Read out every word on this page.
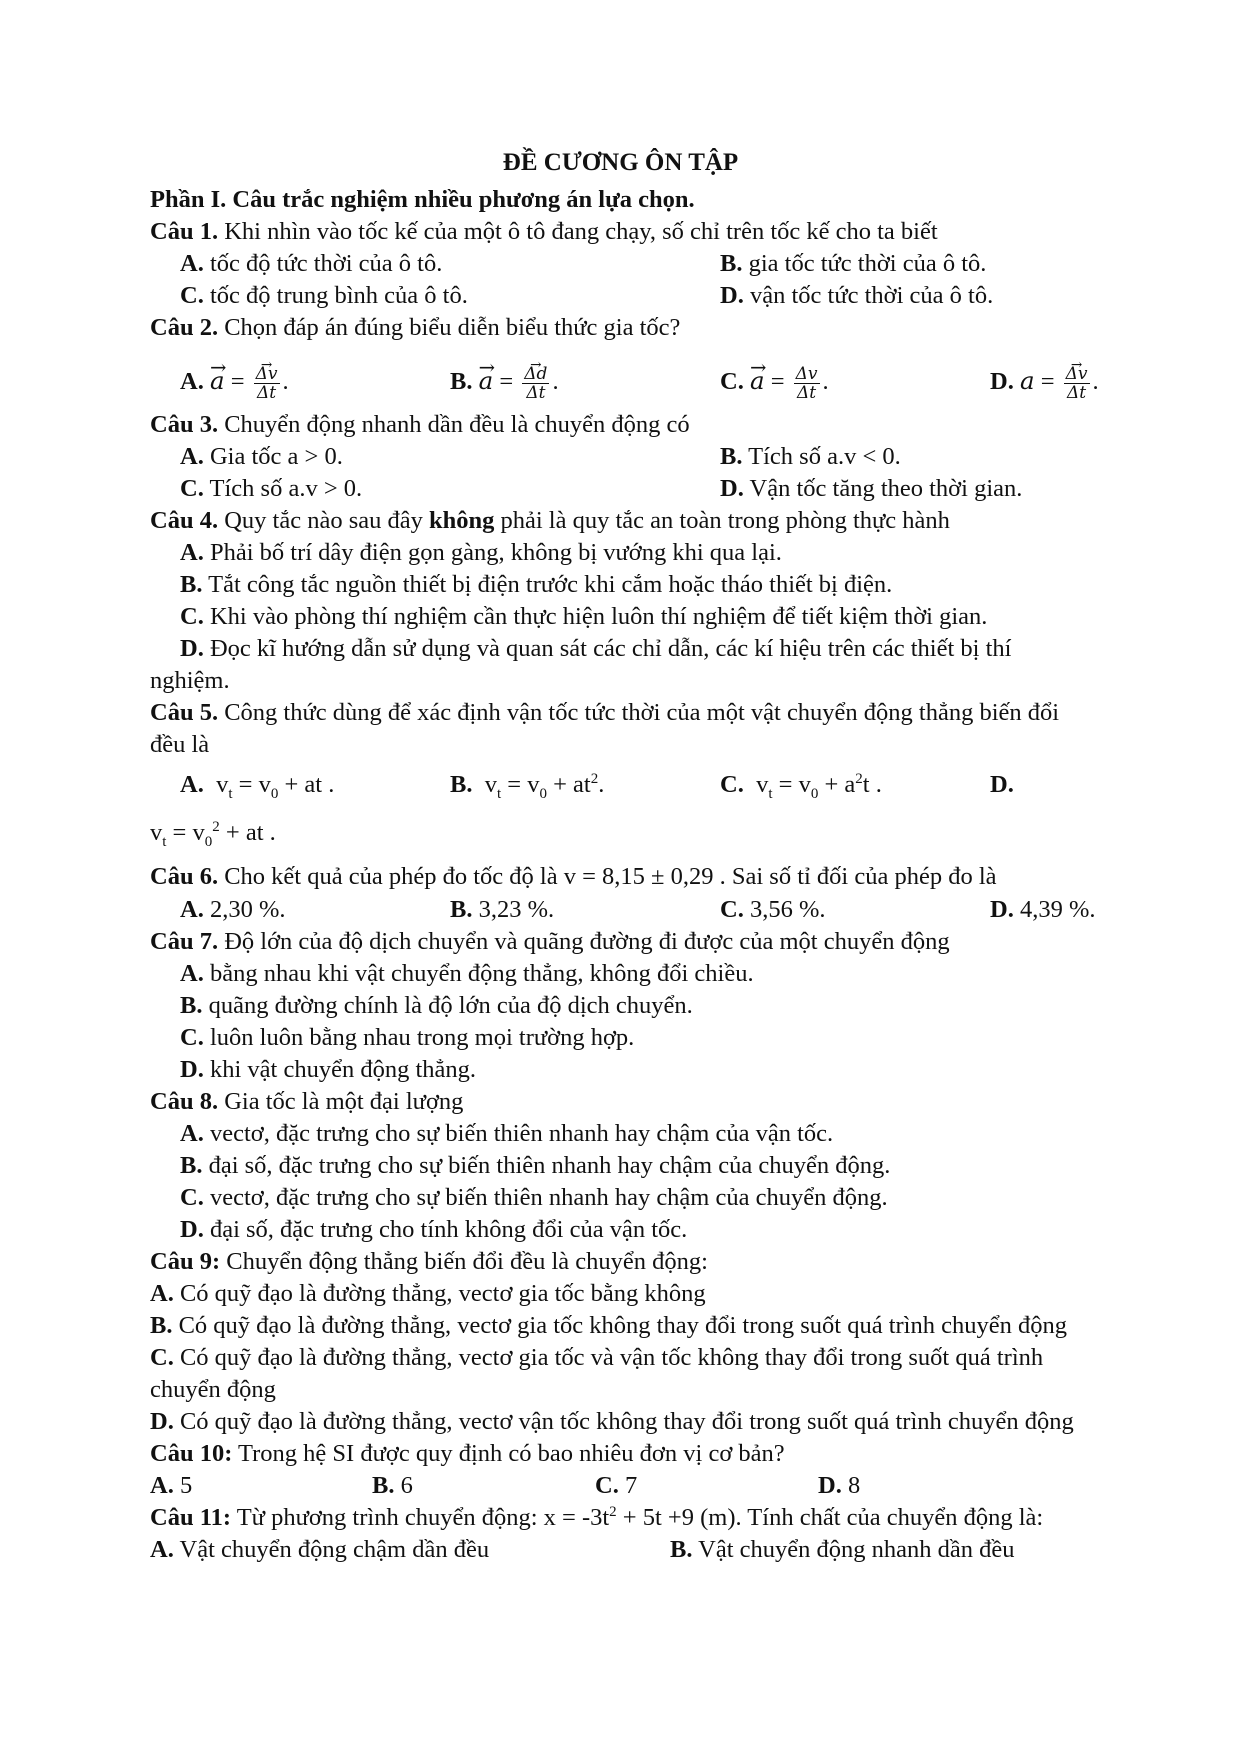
ĐỀ CƯƠNG ÔN TẬP
Phần I. Câu trắc nghiệm nhiều phương án lựa chọn.
Câu 1. Khi nhìn vào tốc kế của một ô tô đang chạy, số chỉ trên tốc kế cho ta biết
A. tốc độ tức thời của ô tô.	B. gia tốc tức thời của ô tô.
C. tốc độ trung bình của ô tô.	D. vận tốc tức thời của ô tô.
Câu 2. Chọn đáp án đúng biểu diễn biểu thức gia tốc?
A. → a = → $\frac{\Delta v}{\Delta t}$ .	B. → a = → $\frac{\Delta d}{\Delta t}$ .	C. → $a = \frac{\Delta v}{\Delta t}$ .	D. a = → $\frac{\Delta v}{\Delta t}$ .
Câu 3. Chuyển động nhanh dần đều là chuyển động có
A. Gia tốc a > 0.	B. Tích số a.v < 0.
C. Tích số a.v > 0.	D. Vận tốc tăng theo thời gian.
Câu 4. Quy tắc nào sau đây không phải là quy tắc an toàn trong phòng thực hành
A. Phải bố trí dây điện gọn gàng, không bị vướng khi qua lại.
B. Tắt công tắc nguồn thiết bị điện trước khi cắm hoặc tháo thiết bị điện.
C. Khi vào phòng thí nghiệm cần thực hiện luôn thí nghiệm để tiết kiệm thời gian.
D. Đọc kĩ hướng dẫn sử dụng và quan sát các chỉ dẫn, các kí hiệu trên các thiết bị thí
nghiệm.
Câu 5. Công thức dùng để xác định vận tốc tức thời của một vật chuyển động thẳng biến đổi
đều là
A.  $v_t = v_0$ + at .	B.  $v_t = v_0 + at^2$.	C.  $v_t = v_0 + a^2t$ .	D.
$v_t = v_0^2$ + at .
Câu 6. Cho kết quả của phép đo tốc độ là v = 8,15 ± 0,29 . Sai số tỉ đối của phép đo là
A. 2,30 %.	B. 3,23 %.	C. 3,56 %.	D. 4,39 %.
Câu 7. Độ lớn của độ dịch chuyển và quãng đường đi được của một chuyển động
A. bằng nhau khi vật chuyển động thẳng, không đổi chiều.
B. quãng đường chính là độ lớn của độ dịch chuyển.
C. luôn luôn bằng nhau trong mọi trường hợp.
D. khi vật chuyển động thẳng.
Câu 8. Gia tốc là một đại lượng
A. vectơ, đặc trưng cho sự biến thiên nhanh hay chậm của vận tốc.
B. đại số, đặc trưng cho sự biến thiên nhanh hay chậm của chuyển động.
C. vectơ, đặc trưng cho sự biến thiên nhanh hay chậm của chuyển động.
D. đại số, đặc trưng cho tính không đổi của vận tốc.
Câu 9: Chuyển động thẳng biến đổi đều là chuyển động:
A. Có quỹ đạo là đường thẳng, vectơ gia tốc bằng không
B. Có quỹ đạo là đường thẳng, vectơ gia tốc không thay đổi trong suốt quá trình chuyển động
C. Có quỹ đạo là đường thẳng, vectơ gia tốc và vận tốc không thay đổi trong suốt quá trình
chuyển động
D. Có quỹ đạo là đường thẳng, vectơ vận tốc không thay đổi trong suốt quá trình chuyển động
Câu 10: Trong hệ SI được quy định có bao nhiêu đơn vị cơ bản?
A. 5	B. 6	C. 7	D. 8
Câu 11: Từ phương trình chuyển động: $x = -3t^2 + 5t +9$ (m). Tính chất của chuyển động là:
A. Vật chuyển động chậm dần đều	B. Vật chuyển động nhanh dần đều
